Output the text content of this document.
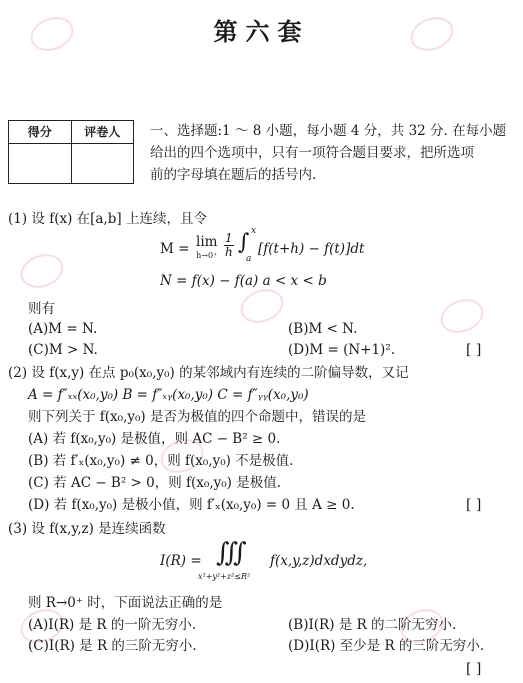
第六套
得分	评卷人	一、选择题:1 ～ 8 小题，每小题 4 分，共 32 分. 在每小题
给出的四个选项中，只有一项符合题目要求，把所选项
前的字母填在题后的括号内.
(1) 设 f(x) 在[a,b] 上连续，且令
M = lim
$h\to 0^+ \frac{1}{h}$ ∫ x
a
[f(t+h) − f(t)]dt
N = f(x) − f(a) a < x < b
则有
(A)M = N.	(B)M < N.
(C)M > N.	(D)M = (N+1)².	[ ]
(2) 设 f(x,y) 在点 p₀(x₀,y₀) 的某邻域内有连续的二阶偏导数，又记
A = f″ₓₓ(x₀,y₀) B = f″ₓᵧ(x₀,y₀) C = f″ᵧᵧ(x₀,y₀)
则下列关于 f(x₀,y₀) 是否为极值的四个命题中，错误的是
(A) 若 f(x₀,y₀) 是极值，则 AC − B² ≥ 0.
(B) 若 f′ₓ(x₀,y₀) ≠ 0，则 f(x₀,y₀) 不是极值.
(C) 若 AC − B² > 0，则 f(x₀,y₀) 是极值.
(D) 若 f(x₀,y₀) 是极小值，则 f′ₓ(x₀,y₀) = 0 且 A ≥ 0.	[ ]
(3) 设 f(x,y,z) 是连续函数
I(R) = ∭
x²+y²+z²≤R²
f(x,y,z)dxdydz,
则 R→0⁺ 时，下面说法正确的是
(A)I(R) 是 R 的一阶无穷小.	(B)I(R) 是 R 的二阶无穷小.
(C)I(R) 是 R 的三阶无穷小.	(D)I(R) 至少是 R 的三阶无穷小.
[ ]
